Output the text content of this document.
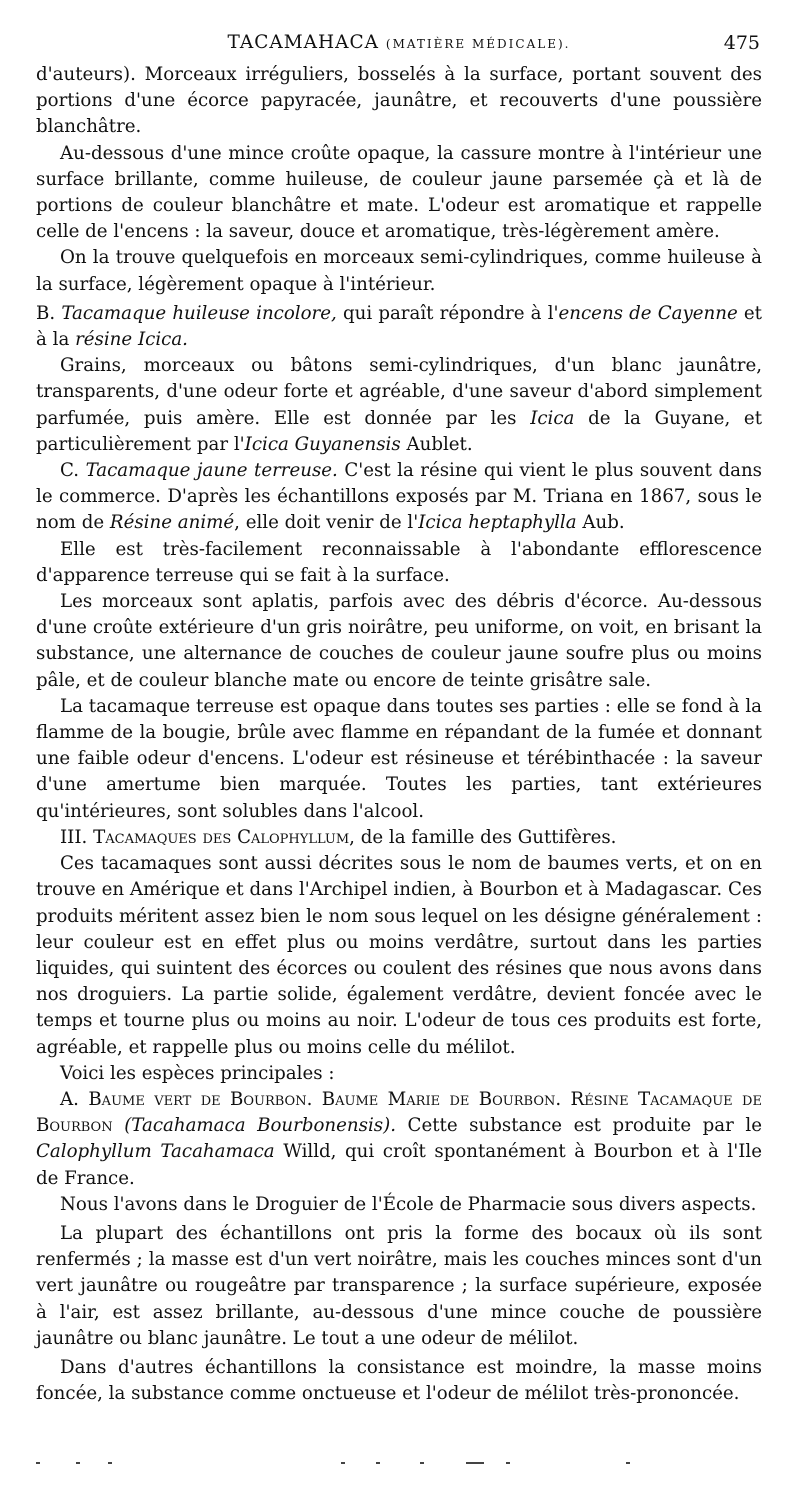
TACAMAHACA (MATIÈRE MÉDICALE).	475

d'auteurs). Morceaux irréguliers, bosselés à la surface, portant souvent des portions d'une écorce papyracée, jaunâtre, et recouverts d'une poussière blanchâtre.

Au-dessous d'une mince croûte opaque, la cassure montre à l'intérieur une surface brillante, comme huileuse, de couleur jaune parsemée çà et là de portions de couleur blanchâtre et mate. L'odeur est aromatique et rappelle celle de l'encens : la saveur, douce et aromatique, très-légèrement amère.

On la trouve quelquefois en morceaux semi-cylindriques, comme huileuse à la surface, légèrement opaque à l'intérieur.

B. Tacamaque huileuse incolore, qui paraît répondre à l'encens de Cayenne et à la résine Icica.

Grains, morceaux ou bâtons semi-cylindriques, d'un blanc jaunâtre, transparents, d'une odeur forte et agréable, d'une saveur d'abord simplement parfumée, puis amère. Elle est donnée par les Icica de la Guyane, et particulièrement par l'Icica Guyanensis Aublet.

C. Tacamaque jaune terreuse. C'est la résine qui vient le plus souvent dans le commerce. D'après les échantillons exposés par M. Triana en 1867, sous le nom de Résine animé, elle doit venir de l'Icica heptaphylla Aub.

Elle est très-facilement reconnaissable à l'abondante efflorescence d'apparence terreuse qui se fait à la surface.

Les morceaux sont aplatis, parfois avec des débris d'écorce. Au-dessous d'une croûte extérieure d'un gris noirâtre, peu uniforme, on voit, en brisant la substance, une alternance de couches de couleur jaune soufre plus ou moins pâle, et de couleur blanche mate ou encore de teinte grisâtre sale.

La tacamaque terreuse est opaque dans toutes ses parties : elle se fond à la flamme de la bougie, brûle avec flamme en répandant de la fumée et donnant une faible odeur d'encens. L'odeur est résineuse et térébinthacée : la saveur d'une amertume bien marquée. Toutes les parties, tant extérieures qu'intérieures, sont solubles dans l'alcool.

III. Tacamaques des Calophyllum, de la famille des Guttifères.

Ces tacamaques sont aussi décrites sous le nom de baumes verts, et on en trouve en Amérique et dans l'Archipel indien, à Bourbon et à Madagascar. Ces produits méritent assez bien le nom sous lequel on les désigne généralement : leur couleur est en effet plus ou moins verdâtre, surtout dans les parties liquides, qui suintent des écorces ou coulent des résines que nous avons dans nos droguiers. La partie solide, également verdâtre, devient foncée avec le temps et tourne plus ou moins au noir. L'odeur de tous ces produits est forte, agréable, et rappelle plus ou moins celle du mélilot.

Voici les espèces principales :

A. Baume vert de Bourbon. Baume Marie de Bourbon. Résine Tacamaque de Bourbon (Tacahamaca Bourbonensis). Cette substance est produite par le Calophyllum Tacahamaca Willd, qui croît spontanément à Bourbon et à l'Ile de France.

Nous l'avons dans le Droguier de l'École de Pharmacie sous divers aspects.

La plupart des échantillons ont pris la forme des bocaux où ils sont renfermés ; la masse est d'un vert noirâtre, mais les couches minces sont d'un vert jaunâtre ou rougeâtre par transparence ; la surface supérieure, exposée à l'air, est assez brillante, au-dessous d'une mince couche de poussière jaunâtre ou blanc jaunâtre. Le tout a une odeur de mélilot.

Dans d'autres échantillons la consistance est moindre, la masse moins foncée, la substance comme onctueuse et l'odeur de mélilot très-prononcée.
